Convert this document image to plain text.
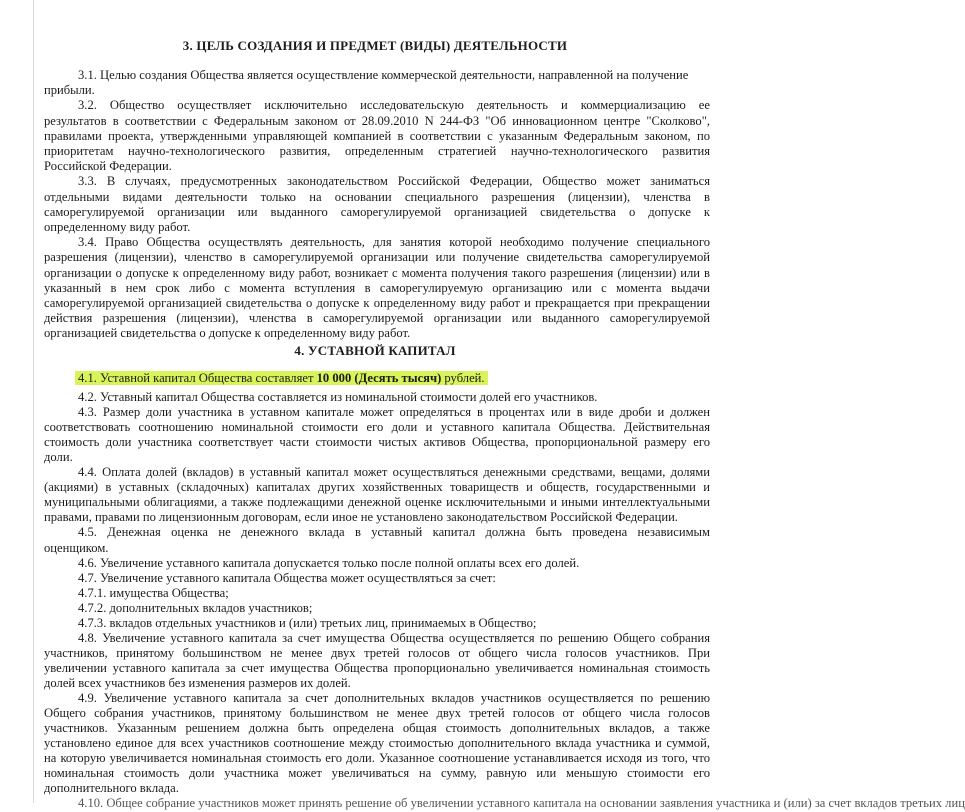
3. ЦЕЛЬ СОЗДАНИЯ И ПРЕДМЕТ (ВИДЫ) ДЕЯТЕЛЬНОСТИ
3.1. Целью создания Общества является осуществление коммерческой деятельности, направленной на получение
прибыли.
3.2. Общество осуществляет исключительно исследовательскую деятельность и коммерциализацию ее
результатов в соответствии с Федеральным законом от 28.09.2010 N 244-ФЗ "Об инновационном центре "Сколково",
правилами проекта, утвержденными управляющей компанией в соответствии с указанным Федеральным законом, по
приоритетам научно-технологического развития, определенным стратегией научно-технологического развития
Российской Федерации.
3.3. В случаях, предусмотренных законодательством Российской Федерации, Общество может заниматься
отдельными видами деятельности только на основании специального разрешения (лицензии), членства в
саморегулируемой организации или выданного саморегулируемой организацией свидетельства о допуске к
определенному виду работ.
3.4. Право Общества осуществлять деятельность, для занятия которой необходимо получение специального
разрешения (лицензии), членство в саморегулируемой организации или получение свидетельства саморегулируемой
организации о допуске к определенному виду работ, возникает с момента получения такого разрешения (лицензии) или в
указанный в нем срок либо с момента вступления в саморегулируемую организацию или с момента выдачи
саморегулируемой организацией свидетельства о допуске к определенному виду работ и прекращается при прекращении
действия разрешения (лицензии), членства в саморегулируемой организации или выданного саморегулируемой
организацией свидетельства о допуске к определенному виду работ.
4. УСТАВНОЙ КАПИТАЛ
4.1. Уставной капитал Общества составляет 10 000 (Десять тысяч) рублей.
4.2. Уставный капитал Общества составляется из номинальной стоимости долей его участников.
4.3. Размер доли участника в уставном капитале может определяться в процентах или в виде дроби и должен
соответствовать соотношению номинальной стоимости его доли и уставного капитала Общества. Действительная
стоимость доли участника соответствует части стоимости чистых активов Общества, пропорциональной размеру его
доли.
4.4. Оплата долей (вкладов) в уставный капитал может осуществляться денежными средствами, вещами, долями
(акциями) в уставных (складочных) капиталах других хозяйственных товариществ и обществ, государственными и
муниципальными облигациями, а также подлежащими денежной оценке исключительными и иными интеллектуальными
правами, правами по лицензионным договорам, если иное не установлено законодательством Российской Федерации.
4.5. Денежная оценка не денежного вклада в уставный капитал должна быть проведена независимым
оценщиком.
4.6. Увеличение уставного капитала допускается только после полной оплаты всех его долей.
4.7. Увеличение уставного капитала Общества может осуществляться за счет:
4.7.1. имущества Общества;
4.7.2. дополнительных вкладов участников;
4.7.3. вкладов отдельных участников и (или) третьих лиц, принимаемых в Общество;
4.8. Увеличение уставного капитала за счет имущества Общества осуществляется по решению Общего собрания
участников, принятому большинством не менее двух третей голосов от общего числа голосов участников. При
увеличении уставного капитала за счет имущества Общества пропорционально увеличивается номинальная стоимость
долей всех участников без изменения размеров их долей.
4.9. Увеличение уставного капитала за счет дополнительных вкладов участников осуществляется по решению
Общего собрания участников, принятому большинством не менее двух третей голосов от общего числа голосов
участников. Указанным решением должна быть определена общая стоимость дополнительных вкладов, а также
установлено единое для всех участников соотношение между стоимостью дополнительного вклада участника и суммой,
на которую увеличивается номинальная стоимость его доли. Указанное соотношение устанавливается исходя из того, что
номинальная стоимость доли участника может увеличиваться на сумму, равную или меньшую стоимости его
дополнительного вклада.
4.10. Общее собрание участников может принять решение об увеличении уставного капитала на основании заявления участника и (или) за счет вкладов третьих лиц
